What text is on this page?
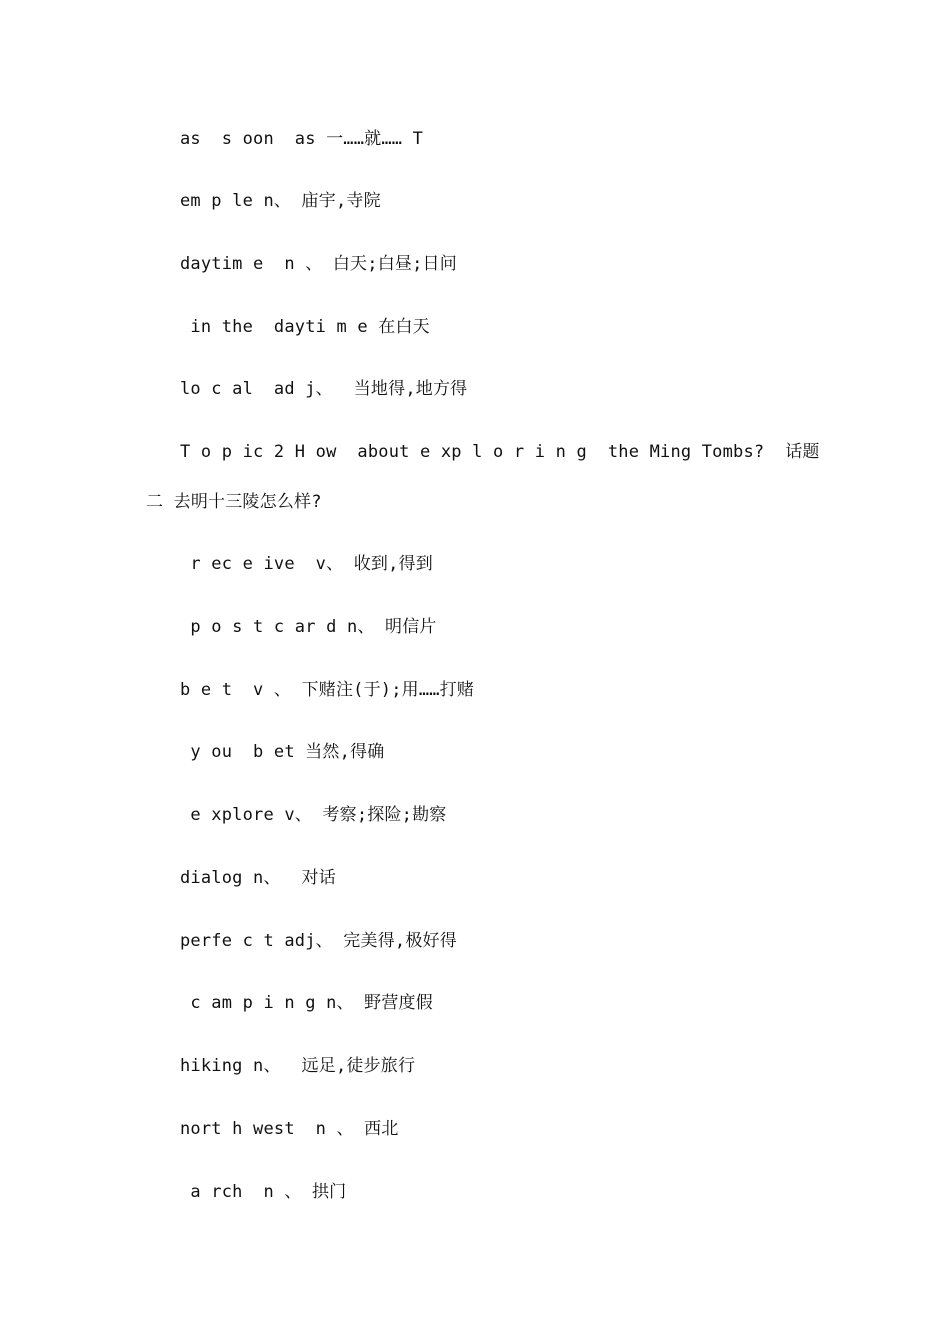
as  s oon  as 一……就…… T
em p le n、 庙宇,寺院
daytim e  n 、 白天;白昼;日问
in the  dayti m e 在白天
lo c al  ad j、  当地得,地方得
T o p ic 2 H ow  about e xp l o r i n g  the Ming Tombs?  话题
二 去明十三陵怎么样?
r ec e ive  v、 收到,得到
p o s t c ar d n、 明信片
b e t  v 、 下赌注(于);用……打赌
y ou  b et 当然,得确
e xplore v、 考察;探险;勘察
dialog n、  对话
perfe c t adj、 完美得,极好得
c am p i n g n、 野营度假
hiking n、  远足,徒步旅行
nort h west  n 、 西北
a rch  n 、 拱门
